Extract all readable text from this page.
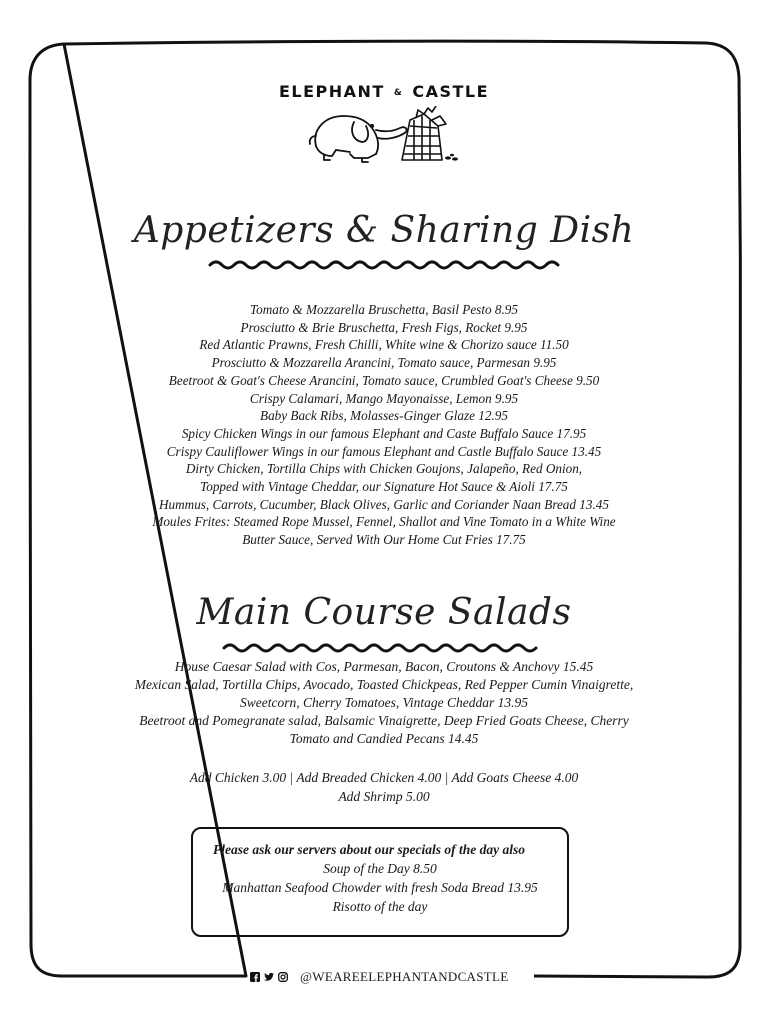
ELEPHANT & CASTLE
Appetizers & Sharing Dish
Tomato & Mozzarella Bruschetta, Basil Pesto 8.95
Prosciutto & Brie Bruschetta, Fresh Figs, Rocket 9.95
Red Atlantic Prawns, Fresh Chilli, White wine & Chorizo sauce 11.50
Prosciutto & Mozzarella Arancini, Tomato sauce, Parmesan 9.95
Beetroot & Goat's Cheese Arancini, Tomato sauce, Crumbled Goat's Cheese 9.50
Crispy Calamari, Mango Mayonaisse, Lemon 9.95
Baby Back Ribs, Molasses-Ginger Glaze 12.95
Spicy Chicken Wings in our famous Elephant and Caste Buffalo Sauce 17.95
Crispy Cauliflower Wings in our famous Elephant and Castle Buffalo Sauce 13.45
Dirty Chicken, Tortilla Chips with Chicken Goujons, Jalapeño, Red Onion,
Topped with Vintage Cheddar, our Signature Hot Sauce & Aioli 17.75
Hummus, Carrots, Cucumber, Black Olives, Garlic and Coriander Naan Bread 13.45
Moules Frites: Steamed Rope Mussel, Fennel, Shallot and Vine Tomato in a White Wine
Butter Sauce, Served With Our Home Cut Fries 17.75
Main Course Salads
House Caesar Salad with Cos, Parmesan, Bacon, Croutons & Anchovy 15.45
Mexican Salad, Tortilla Chips, Avocado, Toasted Chickpeas, Red Pepper Cumin Vinaigrette,
Sweetcorn, Cherry Tomatoes, Vintage Cheddar 13.95
Beetroot and Pomegranate salad, Balsamic Vinaigrette, Deep Fried Goats Cheese, Cherry
Tomato and Candied Pecans 14.45
Add Chicken 3.00 | Add Breaded Chicken 4.00 | Add Goats Cheese 4.00
Add Shrimp 5.00
Please ask our servers about our specials of the day also
Soup of the Day 8.50
Manhattan Seafood Chowder with fresh Soda Bread 13.95
Risotto of the day
@WEAREELEPHANTANDCASTLE
